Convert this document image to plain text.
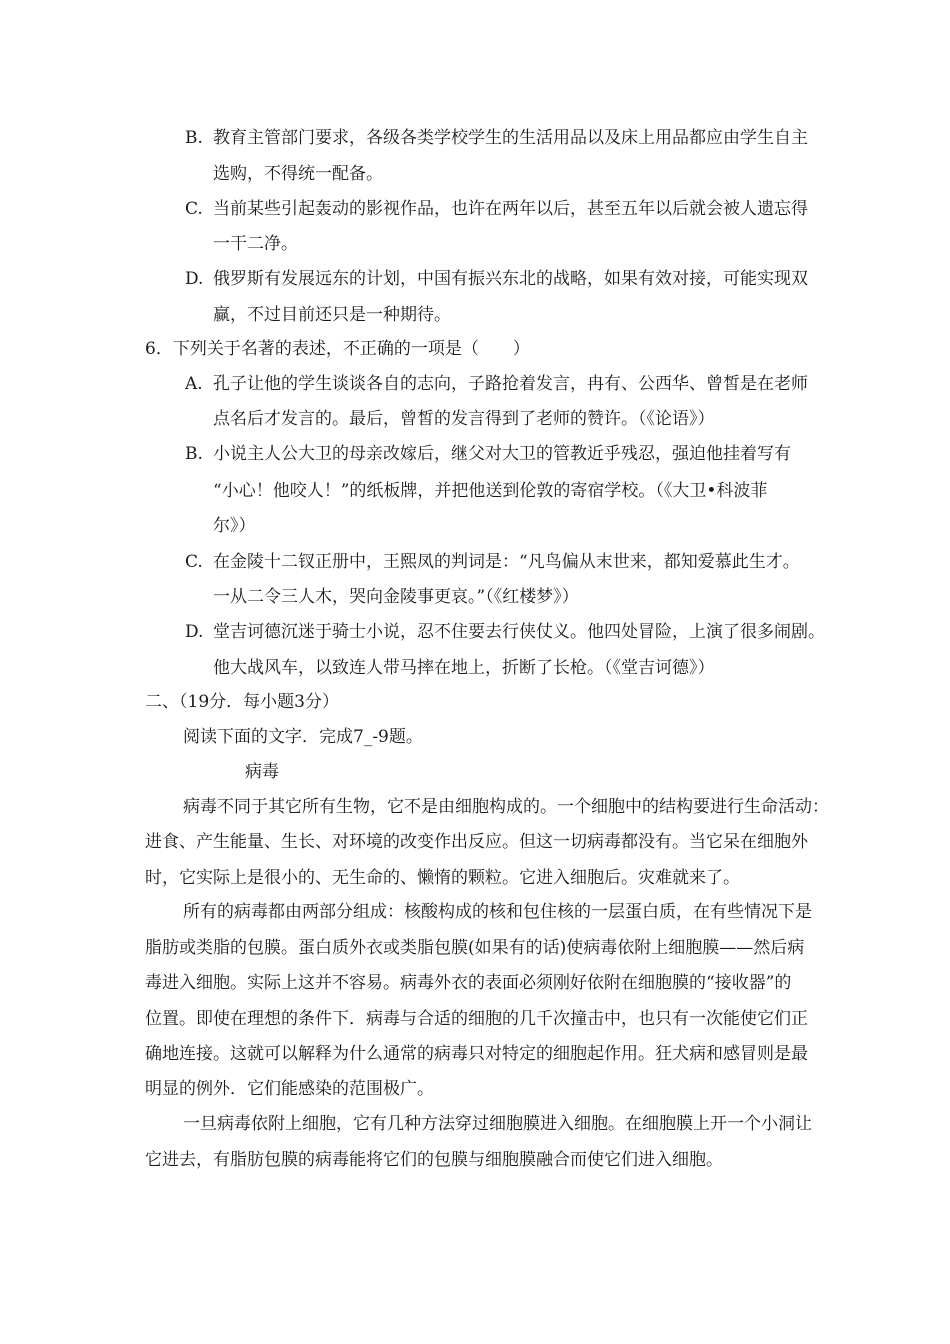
B. 教育主管部门要求，各级各类学校学生的生活用品以及床上用品都应由学生自主
选购，不得统一配备。
C. 当前某些引起轰动的影视作品，也许在两年以后，甚至五年以后就会被人遗忘得
一干二净。
D. 俄罗斯有发展远东的计划，中国有振兴东北的战略，如果有效对接，可能实现双
赢，不过目前还只是一种期待。
6．下列关于名著的表述，不正确的一项是（　　）
A. 孔子让他的学生谈谈各自的志向，子路抢着发言，冉有、公西华、曾皙是在老师
点名后才发言的。最后，曾皙的发言得到了老师的赞许。（《论语》）
B. 小说主人公大卫的母亲改嫁后，继父对大卫的管教近乎残忍，强迫他挂着写有
“小心！他咬人！”的纸板牌，并把他送到伦敦的寄宿学校。（《大卫•科波菲
尔》）
C. 在金陵十二钗正册中，王熙凤的判词是：“凡鸟偏从末世来，都知爱慕此生才。
一从二令三人木，哭向金陵事更哀。”（《红楼梦》）
D. 堂吉诃德沉迷于骑士小说，忍不住要去行侠仗义。他四处冒险，上演了很多闹剧。
他大战风车，以致连人带马摔在地上，折断了长枪。（《堂吉诃德》）
二、（19分．每小题3分）
阅读下面的文字．完成7_-9题。
病毒
病毒不同于其它所有生物，它不是由细胞构成的。一个细胞中的结构要进行生命活动：
进食、产生能量、生长、对环境的改变作出反应。但这一切病毒都没有。当它呆在细胞外
时，它实际上是很小的、无生命的、懒惰的颗粒。它进入细胞后。灾难就来了。
所有的病毒都由两部分组成：核酸构成的核和包住核的一层蛋白质，在有些情况下是
脂肪或类脂的包膜。蛋白质外衣或类脂包膜(如果有的话)使病毒依附上细胞膜——然后病
毒进入细胞。实际上这并不容易。病毒外衣的表面必须刚好依附在细胞膜的“接收器”的
位置。即使在理想的条件下．病毒与合适的细胞的几千次撞击中，也只有一次能使它们正
确地连接。这就可以解释为什么通常的病毒只对特定的细胞起作用。狂犬病和感冒则是最
明显的例外．它们能感染的范围极广。
一旦病毒依附上细胞，它有几种方法穿过细胞膜进入细胞。在细胞膜上开一个小洞让
它进去，有脂肪包膜的病毒能将它们的包膜与细胞膜融合而使它们进入细胞。
